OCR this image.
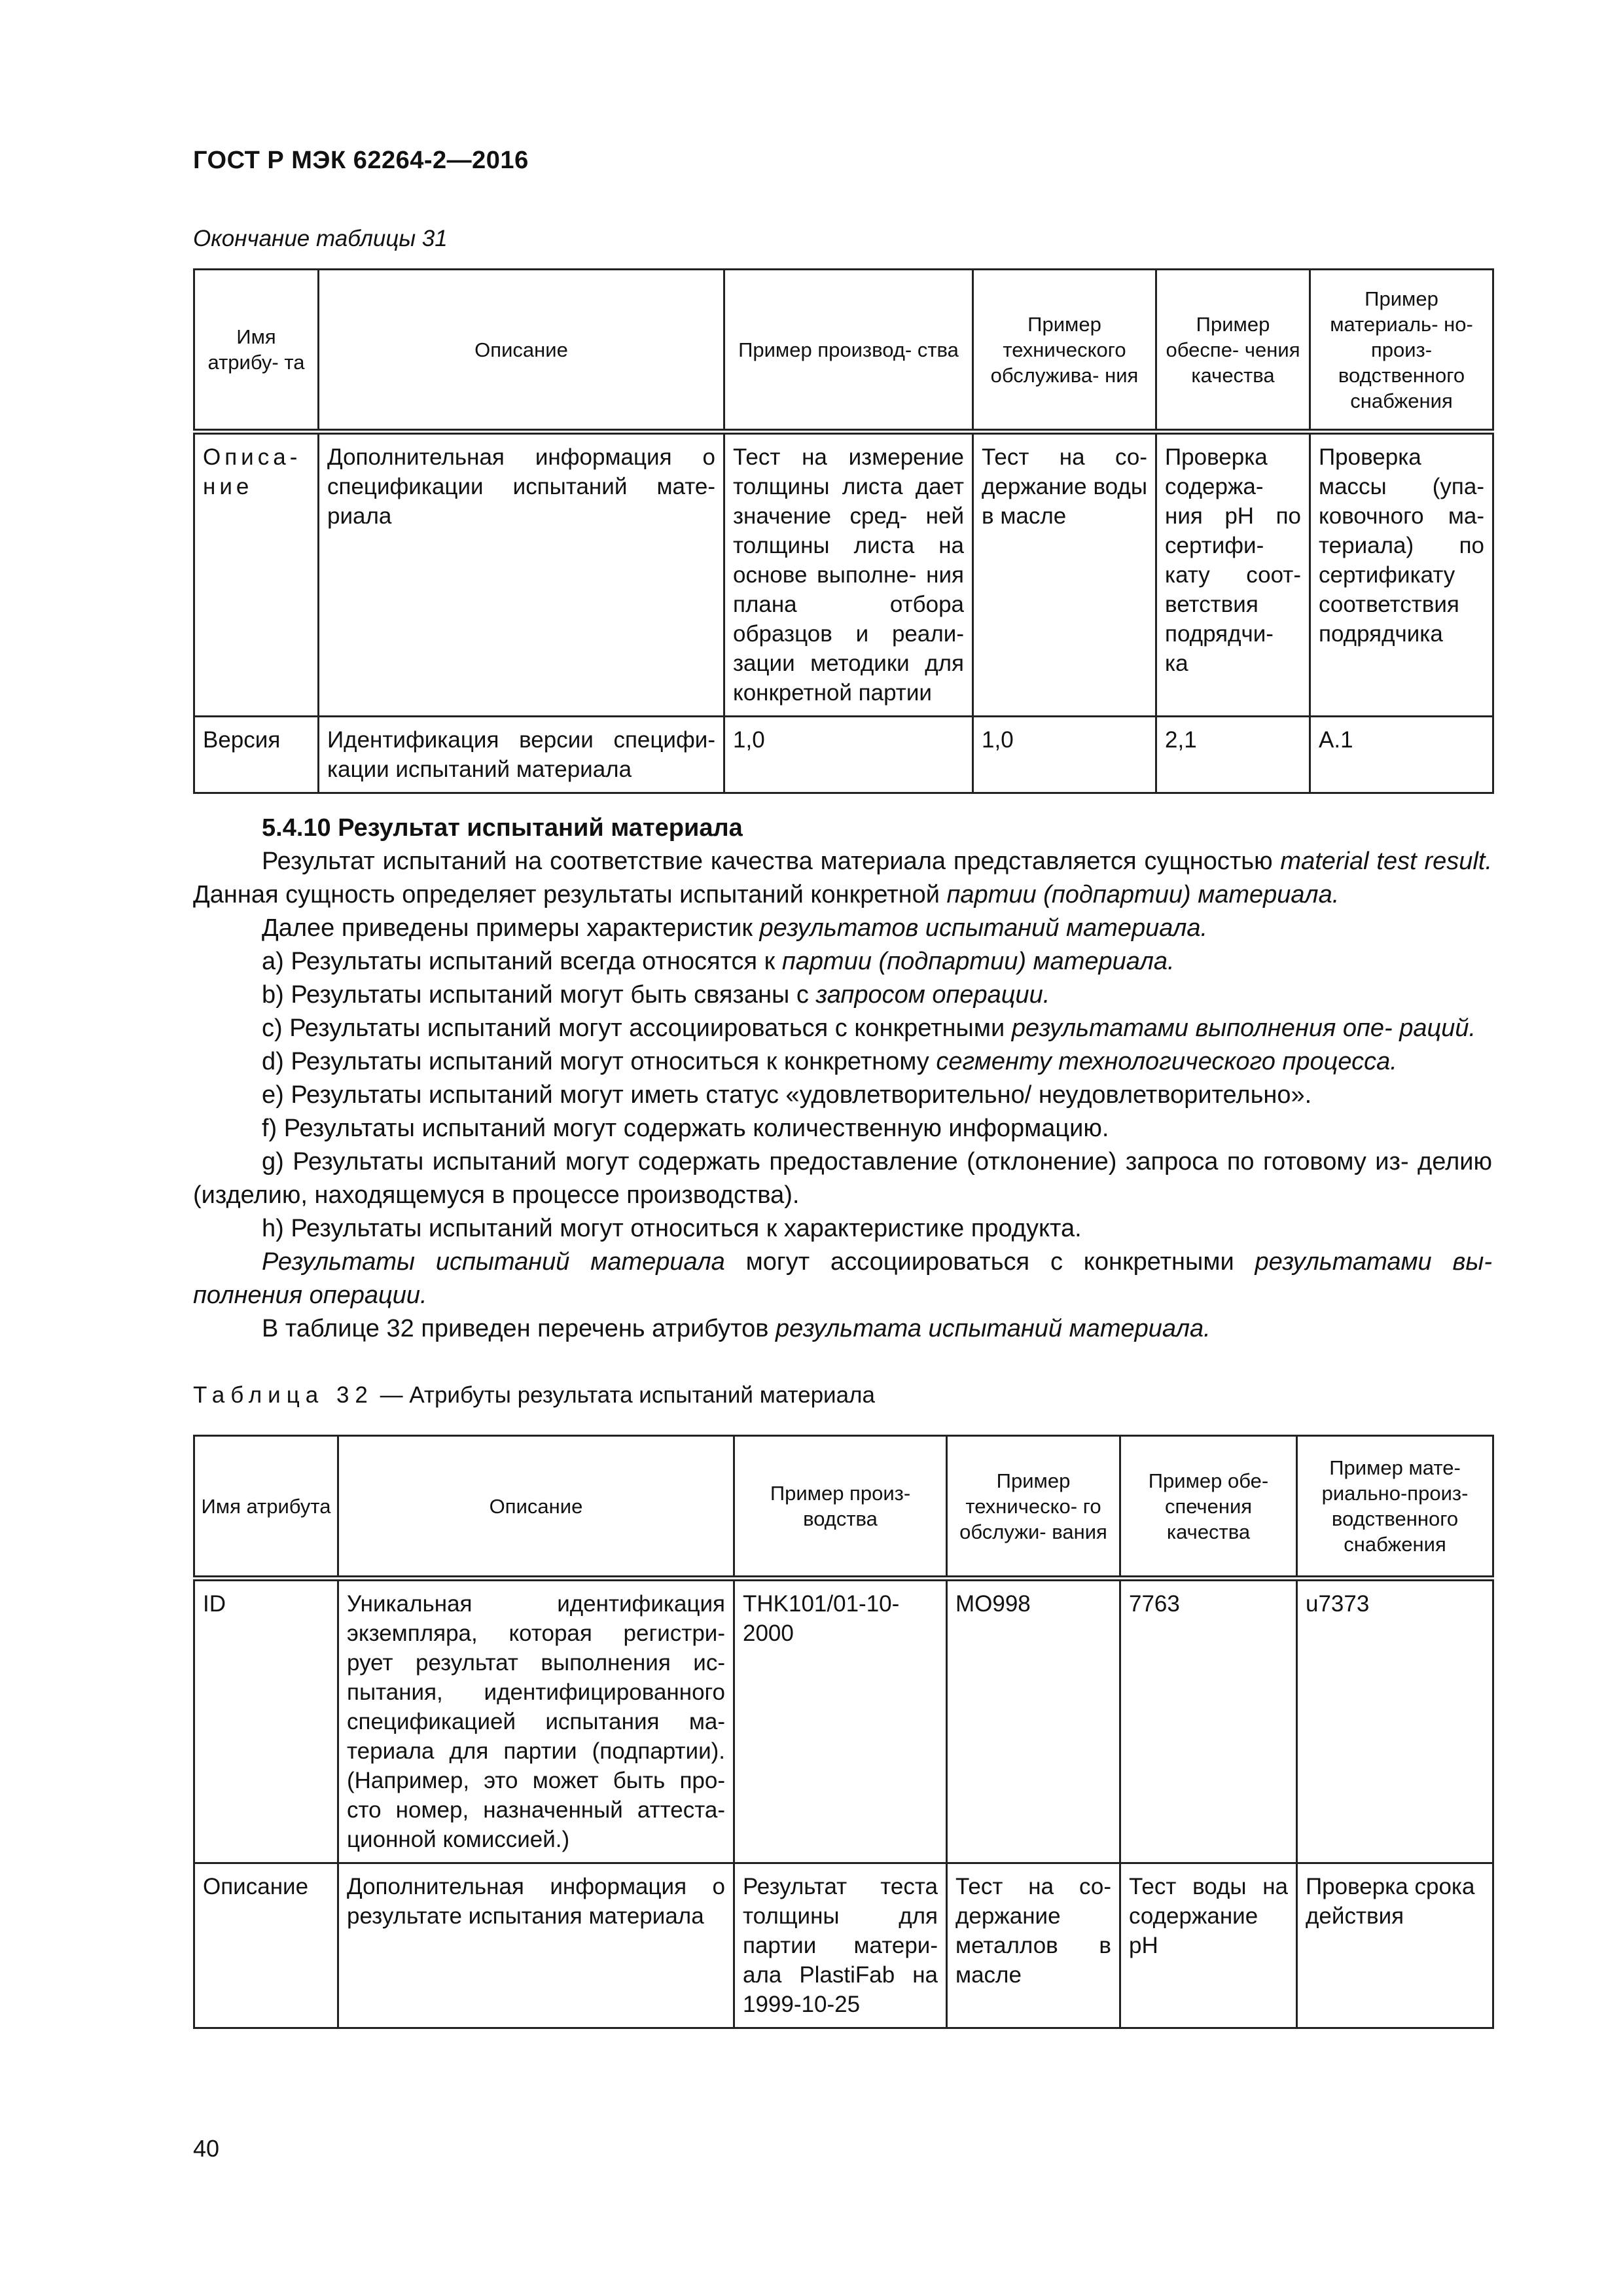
ГОСТ Р МЭК 62264-2—2016
Окончание таблицы 31
Имя атрибу- та	Описание	Пример производ- ства	Пример технического обслужива- ния	Пример обеспе- чения качества	Пример материаль- но-произ- водственного снабжения
Описа- ние	Дополнительная информация о спецификации испытаний мате- риала	Тест на измерение толщины листа дает значение сред- ней толщины листа на основе выполне- ния плана отбора образцов и реали- зации методики для конкретной партии	Тест на со- держание воды в масле	Проверка содержа- ния pH по сертифи- кату соот- ветствия подрядчи- ка	Проверка массы (упа- ковочного ма- териала) по сертификату соответствия подрядчика
Версия	Идентификация версии специфи- кации испытаний материала	1,0	1,0	2,1	А.1

5.4.10 Результат испытаний материала

Результат испытаний на соответствие качества материала представляется сущностью material test result. Данная сущность определяет результаты испытаний конкретной партии (подпартии) материала.

Далее приведены примеры характеристик результатов испытаний материала.

а) Результаты испытаний всегда относятся к партии (подпартии) материала.

b) Результаты испытаний могут быть связаны с запросом операции.

с) Результаты испытаний могут ассоциироваться с конкретными результатами выполнения опе- раций.

d) Результаты испытаний могут относиться к конкретному сегменту технологического процесса.

е) Результаты испытаний могут иметь статус «удовлетворительно/ неудовлетворительно».

f) Результаты испытаний могут содержать количественную информацию.

g) Результаты испытаний могут содержать предоставление (отклонение) запроса по готовому из- делию (изделию, находящемуся в процессе производства).

h) Результаты испытаний могут относиться к характеристике продукта.

Результаты испытаний материала могут ассоциироваться с конкретными результатами вы- полнения операции.

В таблице 32 приведен перечень атрибутов результата испытаний материала.

Таблица 32 — Атрибуты результата испытаний материала
Имя атрибута	Описание	Пример произ- водства	Пример техническо- го обслужи- вания	Пример обе- спечения качества	Пример мате- риально-произ- водственного снабжения
ID	Уникальная идентификация экземпляра, которая регистри- рует результат выполнения ис- пытания, идентифицированного спецификацией испытания ма- териала для партии (подпартии). (Например, это может быть про- сто номер, назначенный аттеста- ционной комиссией.)	THK101/01-10- 2000	MO998	7763	u7373
Описание	Дополнительная информация о результате испытания материала	Результат теста толщины для партии матери- ала PlastiFab на 1999-10-25	Тест на со- держание металлов в масле	Тест воды на содержание pH	Проверка срока действия
40
